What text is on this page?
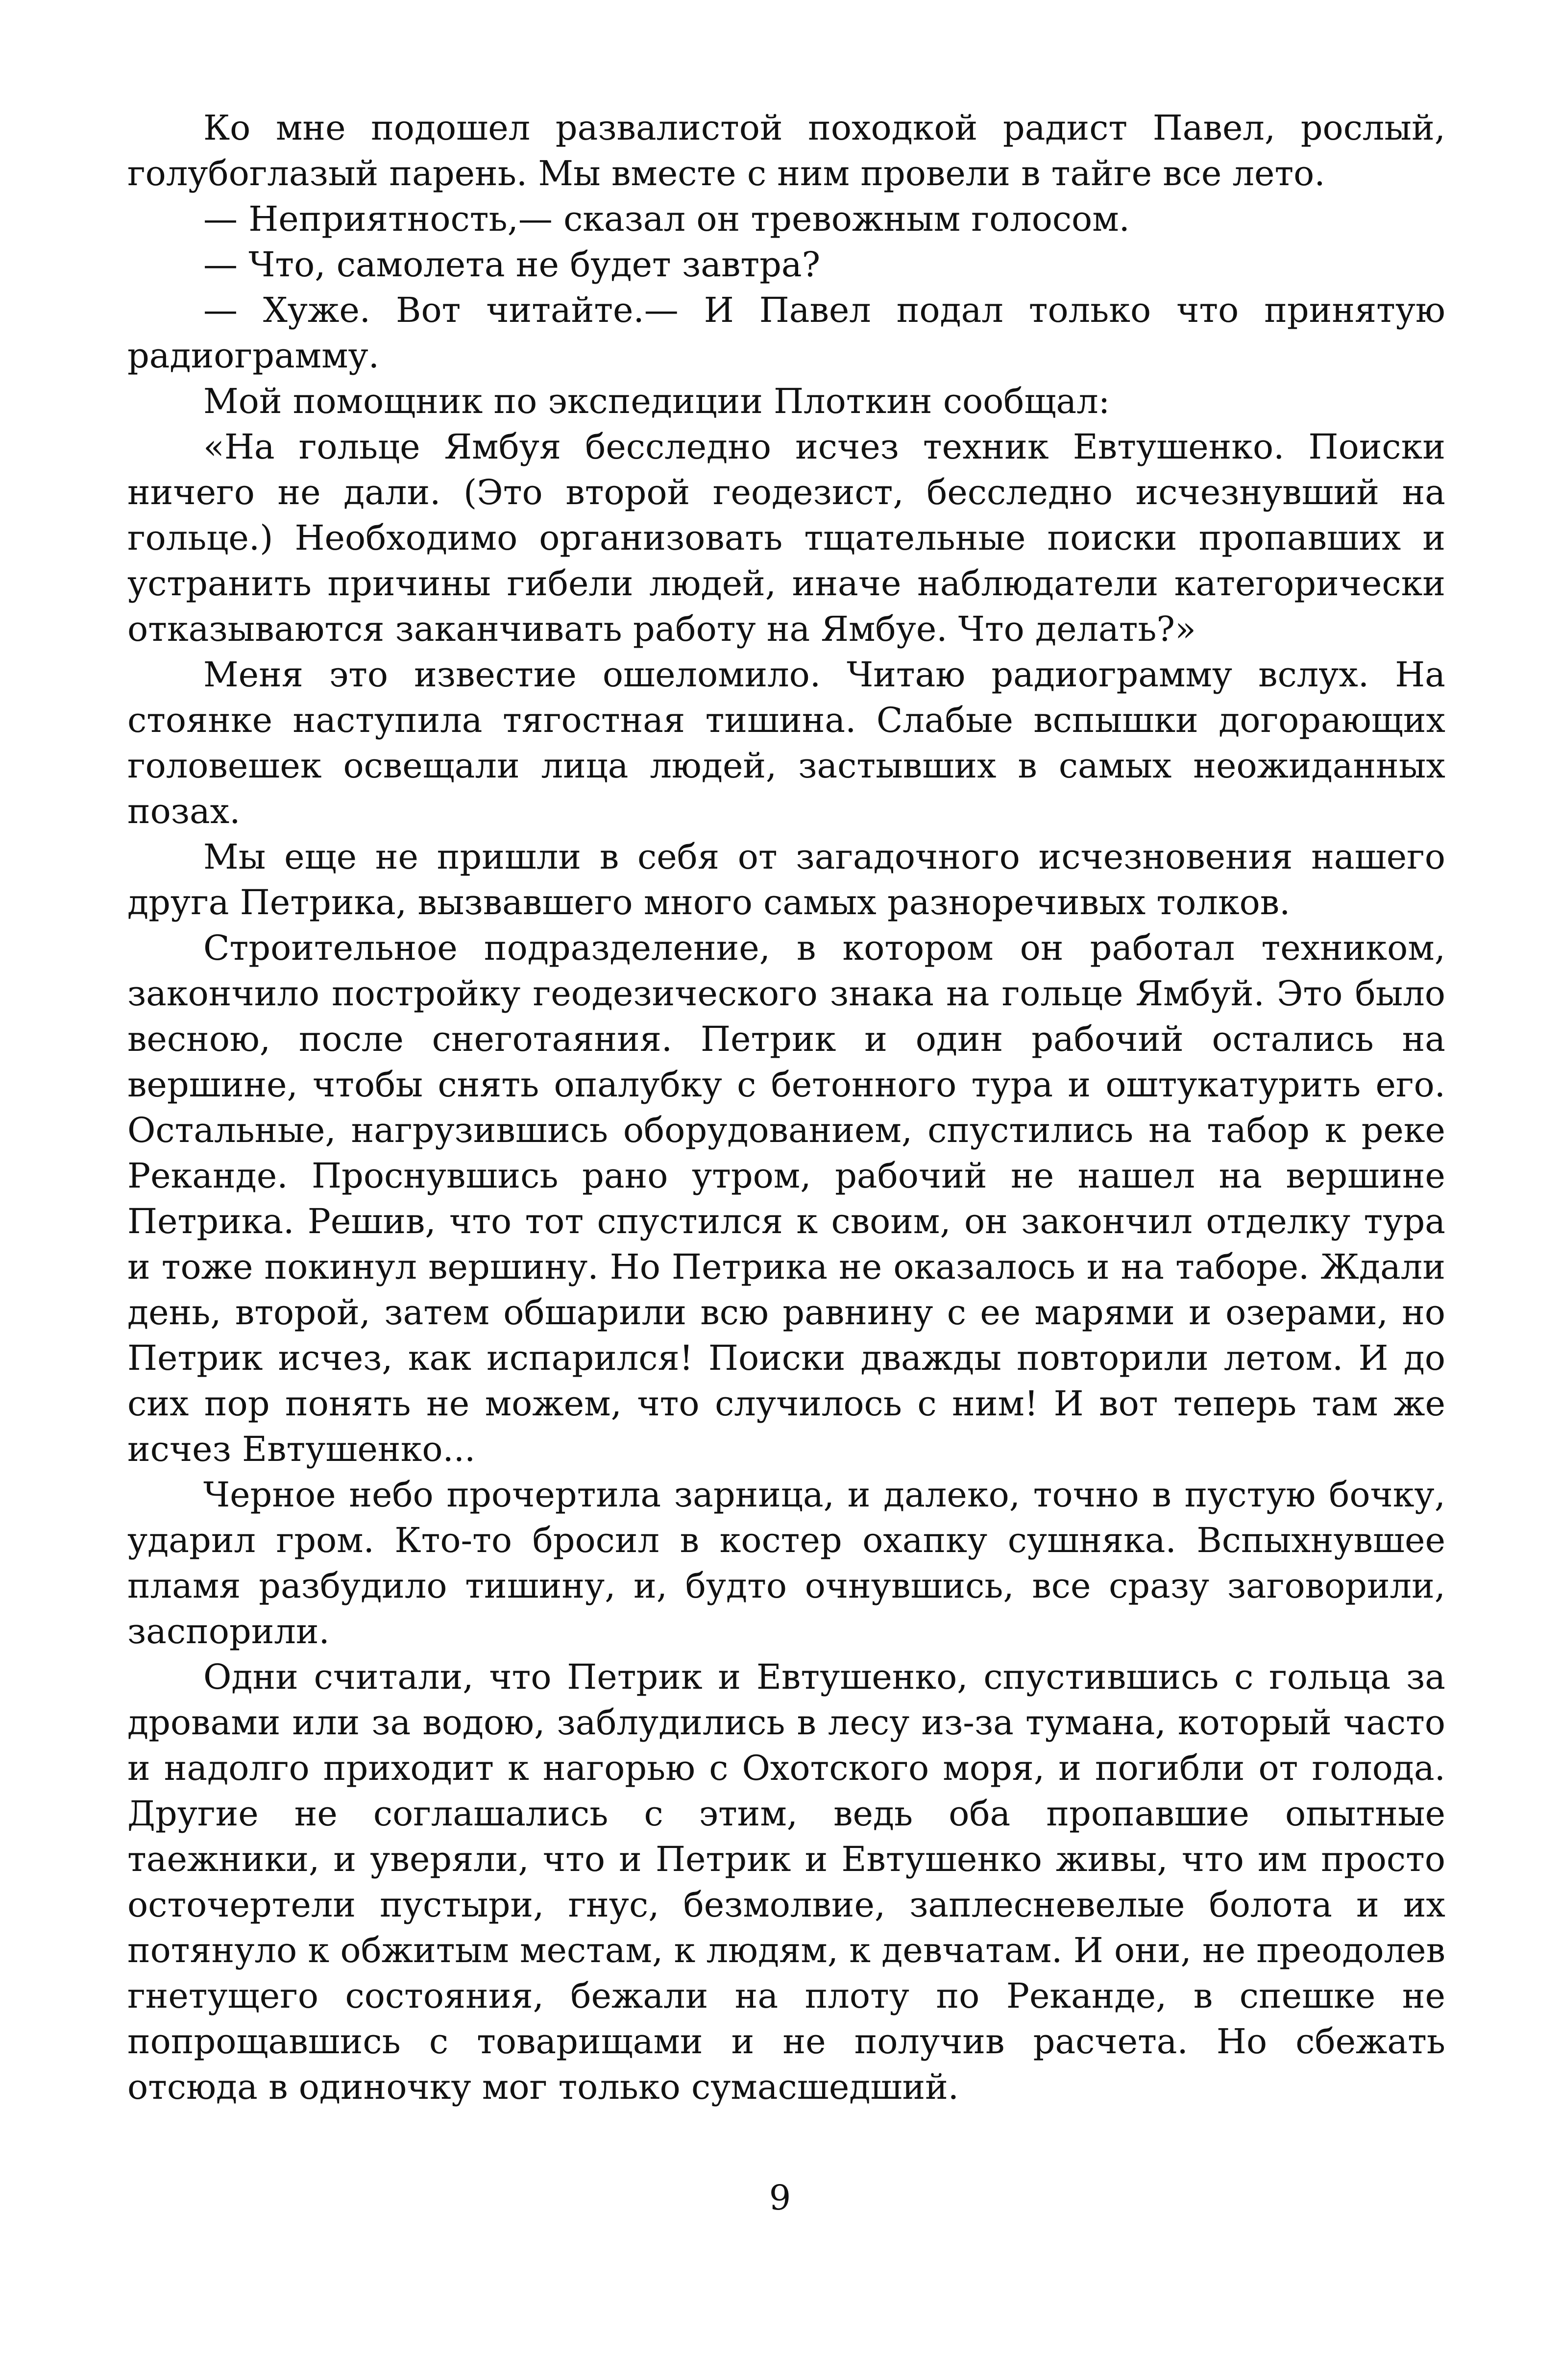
Ко мне подошел развалистой походкой радист Павел, рослый, голубоглазый парень. Мы вместе с ним провели в тайге все лето.

— Неприятность,— сказал он тревожным голосом.

— Что, самолета не будет завтра?

— Хуже. Вот читайте.— И Павел подал только что принятую радиограмму.

Мой помощник по экспедиции Плоткин сообщал:

«На гольце Ямбуя бесследно исчез техник Евтушенко. Поиски ничего не дали. (Это второй геодезист, бесследно исчезнувший на гольце.) Необходимо организовать тщательные поиски пропавших и устранить причины гибели людей, иначе наблюдатели категорически отказываются заканчивать работу на Ямбуе. Что делать?»

Меня это известие ошеломило. Читаю радиограмму вслух. На стоянке наступила тягостная тишина. Слабые вспышки догорающих головешек освещали лица людей, застывших в самых неожиданных позах.

Мы еще не пришли в себя от загадочного исчезновения нашего друга Петрика, вызвавшего много самых разноречивых толков.

Строительное подразделение, в котором он работал техником, закончило постройку геодезического знака на гольце Ямбуй. Это было весною, после снеготаяния. Петрик и один рабочий остались на вершине, чтобы снять опалубку с бетонного тура и оштукатурить его. Остальные, нагрузившись оборудованием, спустились на табор к реке Реканде. Проснувшись рано утром, рабочий не нашел на вершине Петрика. Решив, что тот спустился к своим, он закончил отделку тура и тоже покинул вершину. Но Петрика не оказалось и на таборе. Ждали день, второй, затем обшарили всю равнину с ее марями и озерами, но Петрик исчез, как испарился! Поиски дважды повторили летом. И до сих пор понять не можем, что случилось с ним! И вот теперь там же исчез Евтушенко...

Черное небо прочертила зарница, и далеко, точно в пустую бочку, ударил гром. Кто-то бросил в костер охапку сушняка. Вспыхнувшее пламя разбудило тишину, и, будто очнувшись, все сразу заговорили, заспорили.

Одни считали, что Петрик и Евтушенко, спустившись с гольца за дровами или за водою, заблудились в лесу из-за тумана, который часто и надолго приходит к нагорью с Охотского моря, и погибли от голода. Другие не соглашались с этим, ведь оба пропавшие опытные таежники, и уверяли, что и Петрик и Евтушенко живы, что им просто осточертели пустыри, гнус, безмолвие, заплесневелые болота и их потянуло к обжитым местам, к людям, к девчатам. И они, не преодолев гнетущего состояния, бежали на плоту по Реканде, в спешке не попрощавшись с товарищами и не получив расчета. Но сбежать отсюда в одиночку мог только сумасшедший.

9
